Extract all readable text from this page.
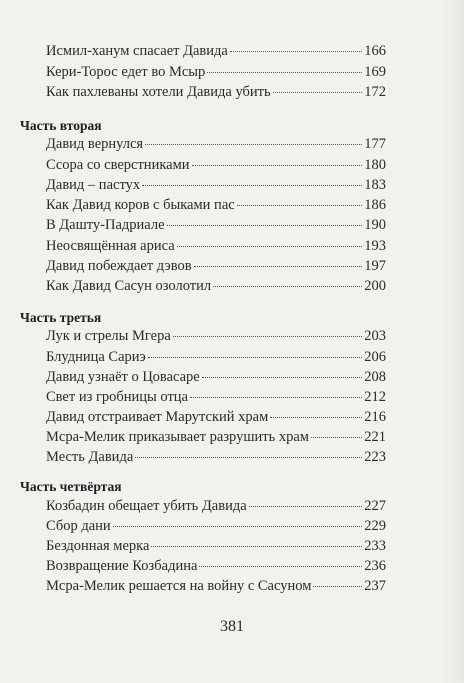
Исмил-ханум спасает Давида	166
Кери-Торос едет во Мсыр	169
Как пахлеваны хотели Давида убить	172
Часть вторая
Давид вернулся	177
Ссора со сверстниками	180
Давид – пастух	183
Как Давид коров с быками пас	186
В Дашту-Падриале	190
Неосвящённая ариса	193
Давид побеждает дэвов	197
Как Давид Сасун озолотил	200
Часть третья
Лук и стрелы Мгера	203
Блудница Сариэ	206
Давид узнаёт о Цовасаре	208
Свет из гробницы отца	212
Давид отстраивает Марутский храм	216
Мсра-Мелик приказывает разрушить храм	221
Месть Давида	223
Часть четвёртая
Козбадин обещает убить Давида	227
Сбор дани	229
Бездонная мерка	233
Возвращение Козбадина	236
Мсра-Мелик решается на войну с Сасуном	237
381
